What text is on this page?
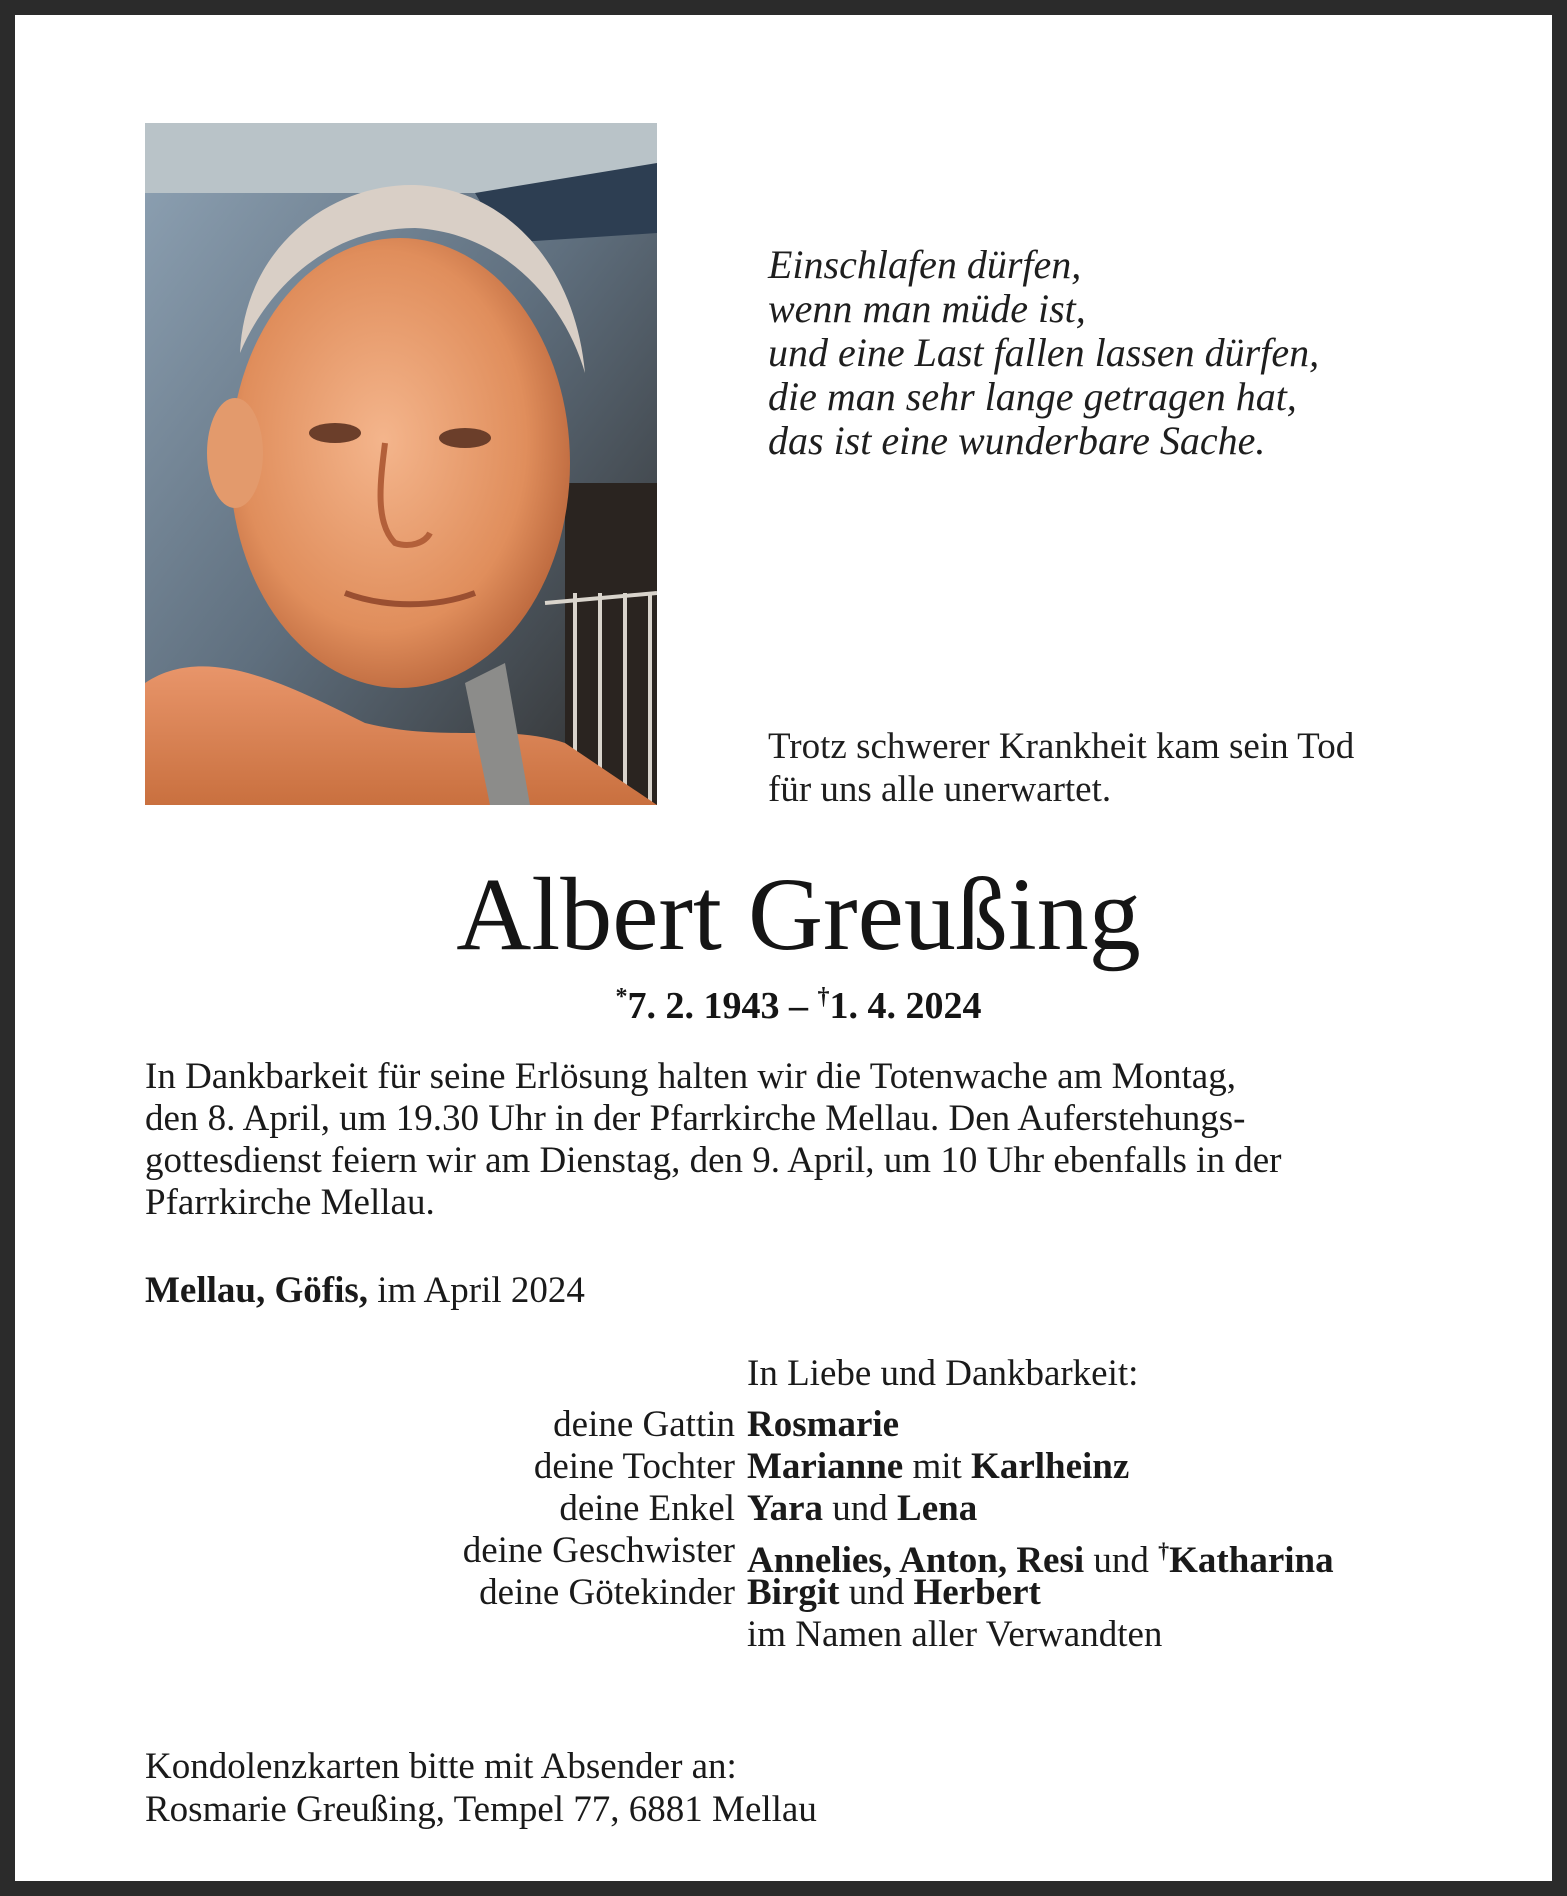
Einschlafen dürfen,
wenn man müde ist,
und eine Last fallen lassen dürfen,
die man sehr lange getragen hat,
das ist eine wunderbare Sache.
Trotz schwerer Krankheit kam sein Tod
für uns alle unerwartet.
Albert Greußing
*7. 2. 1943 – †1. 4. 2024
In Dankbarkeit für seine Erlösung halten wir die Totenwache am Montag,
den 8. April, um 19.30 Uhr in der Pfarrkirche Mellau. Den Auferstehungs-
gottesdienst feiern wir am Dienstag, den 9. April, um 10 Uhr ebenfalls in der
Pfarrkirche Mellau.
Mellau, Göfis, im April 2024
In Liebe und Dankbarkeit:
deine Gattin Rosmarie
deine Tochter Marianne mit Karlheinz
deine Enkel Yara und Lena
deine Geschwister Annelies, Anton, Resi und †Katharina
deine Götekinder Birgit und Herbert
im Namen aller Verwandten
Kondolenzkarten bitte mit Absender an:
Rosmarie Greußing, Tempel 77, 6881 Mellau
